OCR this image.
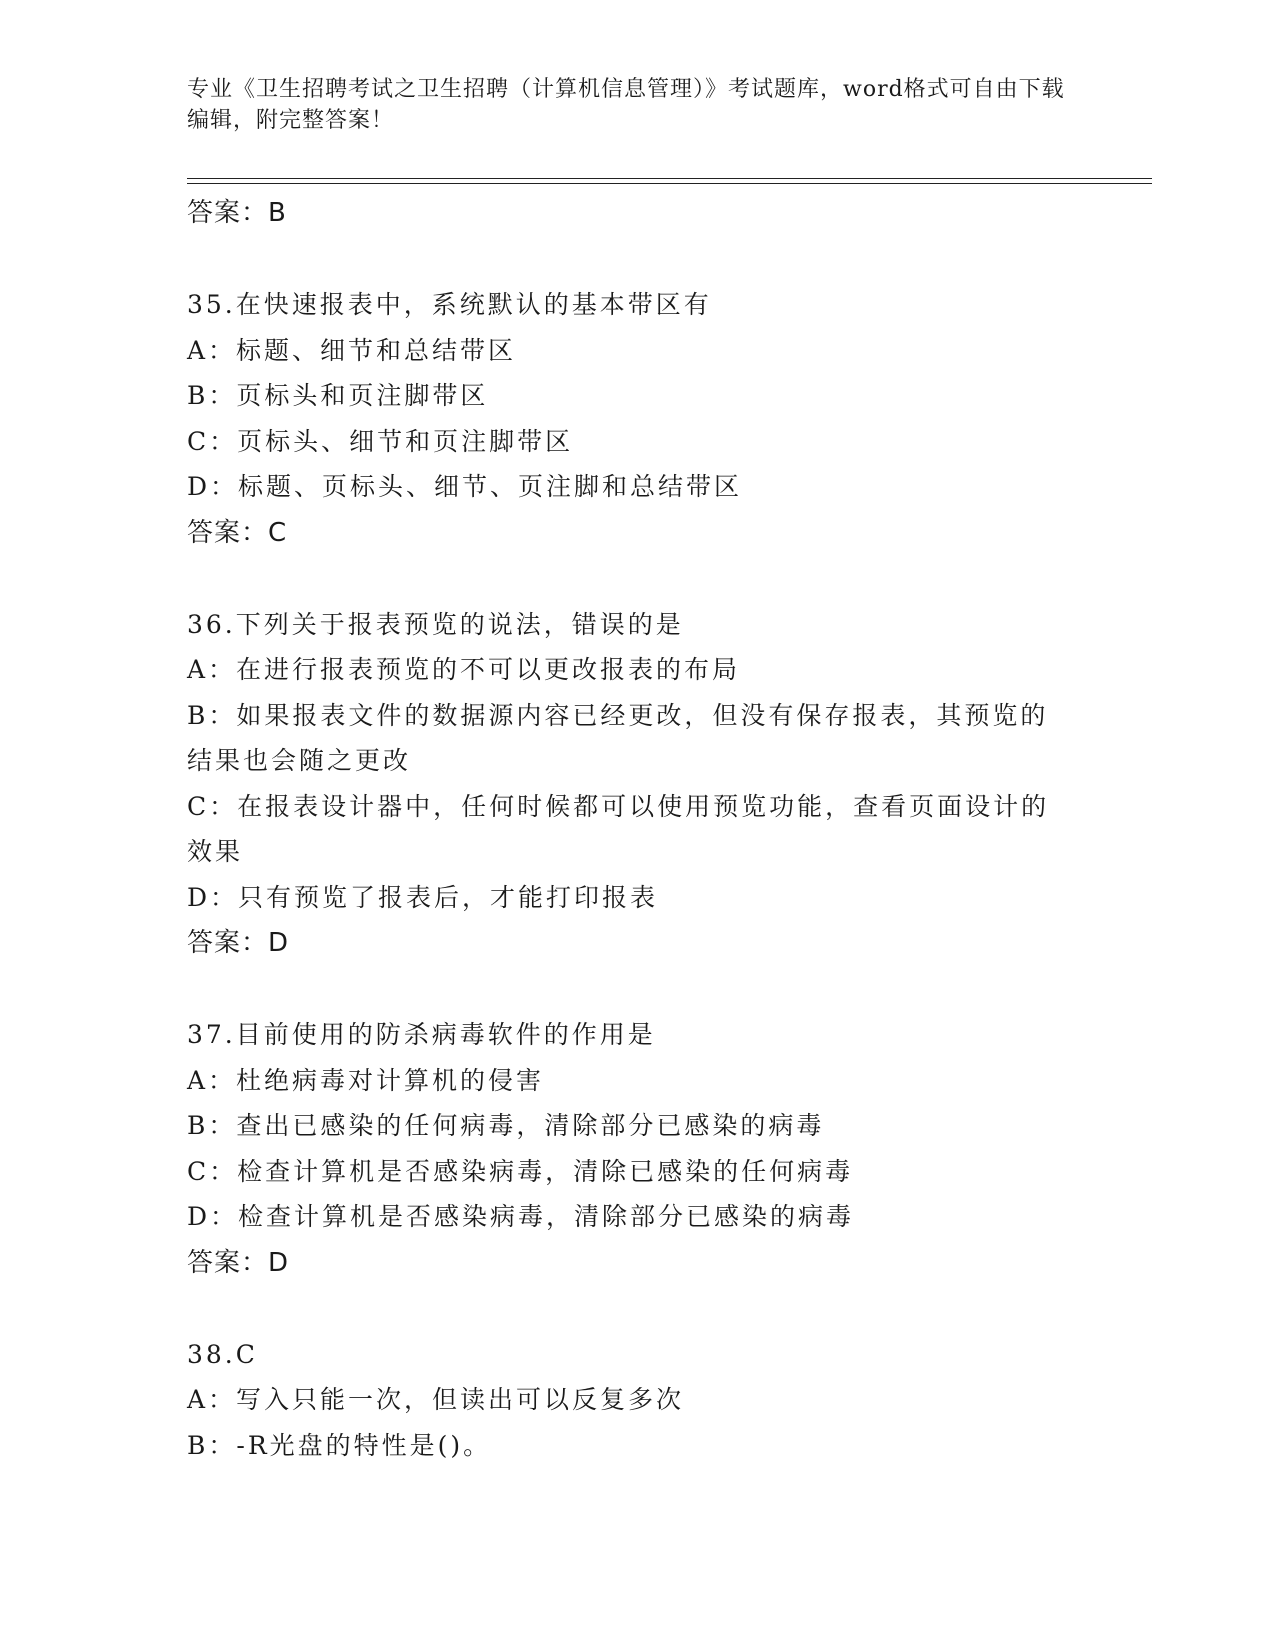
专业《卫生招聘考试之卫生招聘（计算机信息管理）》考试题库，word格式可自由下载编辑，附完整答案！
答案：B
35.在快速报表中，系统默认的基本带区有
A：标题、细节和总结带区
B：页标头和页注脚带区
C：页标头、细节和页注脚带区
D：标题、页标头、细节、页注脚和总结带区
答案：C
36.下列关于报表预览的说法，错误的是
A：在进行报表预览的不可以更改报表的布局
B：如果报表文件的数据源内容已经更改，但没有保存报表，其预览的
结果也会随之更改
C：在报表设计器中，任何时候都可以使用预览功能，查看页面设计的
效果
D：只有预览了报表后，才能打印报表
答案：D
37.目前使用的防杀病毒软件的作用是
A：杜绝病毒对计算机的侵害
B：查出已感染的任何病毒，清除部分已感染的病毒
C：检查计算机是否感染病毒，清除已感染的任何病毒
D：检查计算机是否感染病毒，清除部分已感染的病毒
答案：D
38.C
A：写入只能一次，但读出可以反复多次
B：-R光盘的特性是()。
